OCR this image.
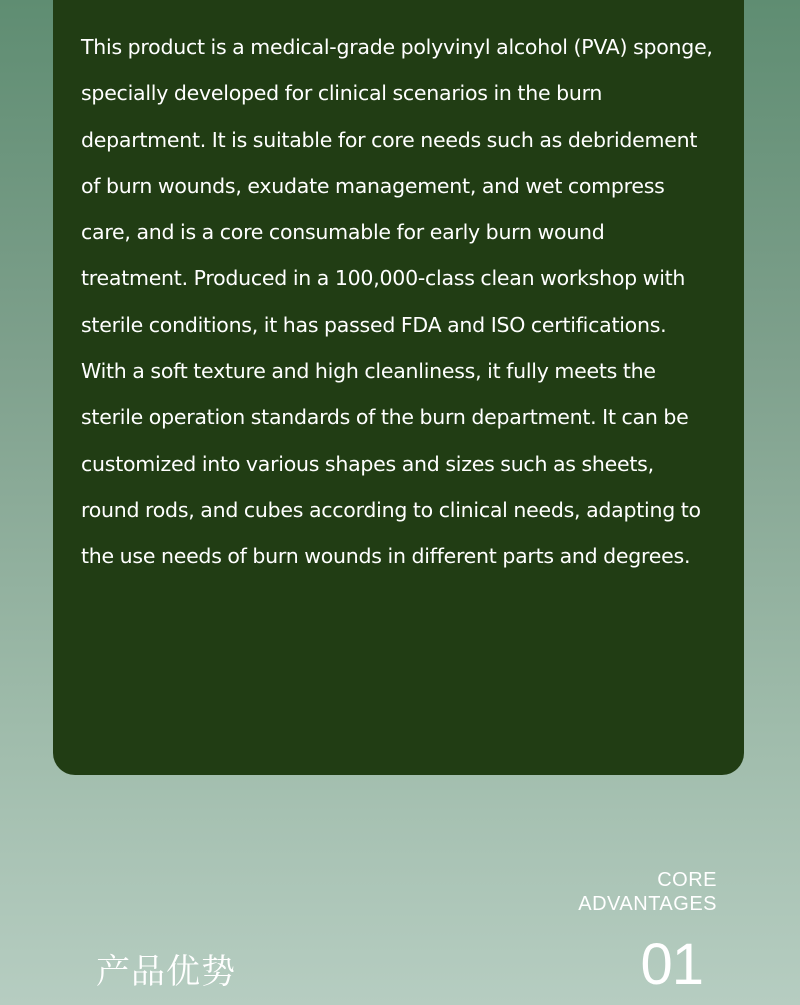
This product is a medical-grade polyvinyl alcohol (PVA) sponge, specially developed for clinical scenarios in the burn department. It is suitable for core needs such as debridement of burn wounds, exudate management, and wet compress care, and is a core consumable for early burn wound treatment. Produced in a 100,000-class clean workshop with sterile conditions, it has passed FDA and ISO certifications. With a soft texture and high cleanliness, it fully meets the sterile operation standards of the burn department. It can be customized into various shapes and sizes such as sheets, round rods, and cubes according to clinical needs, adapting to the use needs of burn wounds in different parts and degrees.

CORE
ADVANTAGES
产品优势	01
